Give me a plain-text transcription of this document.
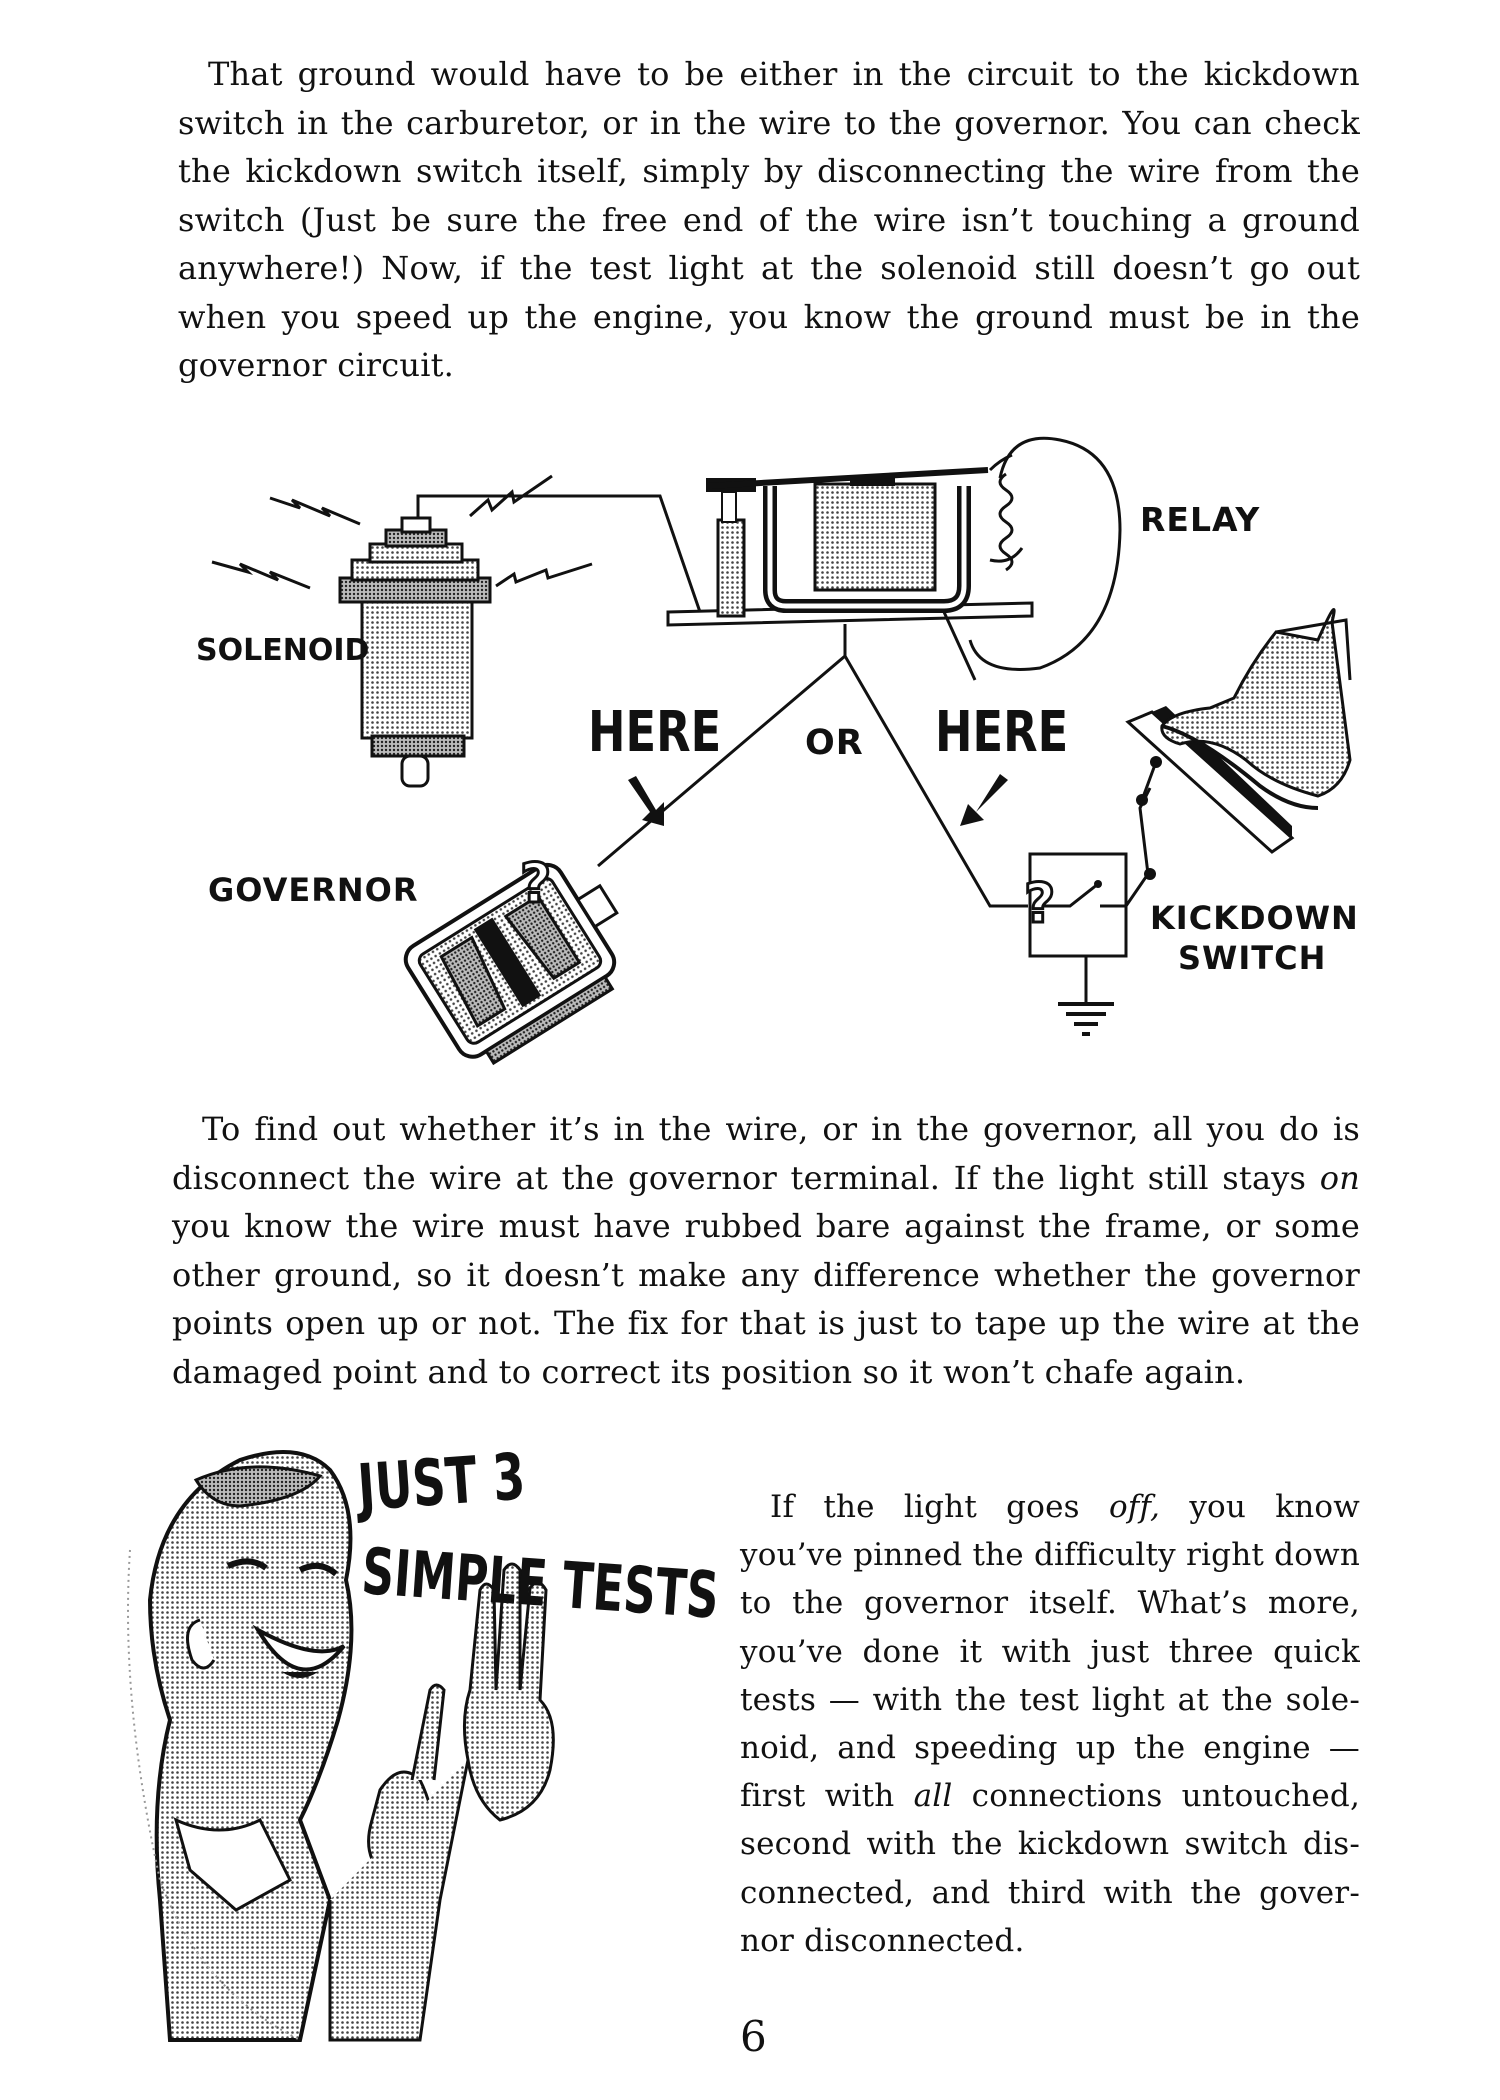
That ground would have to be either in the circuit to the kickdown
switch in the carburetor, or in the wire to the governor. You can check
the kickdown switch itself, simply by disconnecting the wire from the
switch (Just be sure the free end of the wire isn’t touching a ground
anywhere!) Now, if the test light at the solenoid still doesn’t go out
when you speed up the engine, you know the ground must be in the
governor circuit.
?	?
RELAY
SOLENOID
GOVERNOR
HERE OR HERE
KICKDOWN
SWITCH
To find out whether it’s in the wire, or in the governor, all you do is
disconnect the wire at the governor terminal. If the light still stays on
you know the wire must have rubbed bare against the frame, or some
other ground, so it doesn’t make any difference whether the governor
points open up or not. The fix for that is just to tape up the wire at the
damaged point and to correct its position so it won’t chafe again.
JUST 3
SIMPLE TESTS
If the light goes off, you know
you’ve pinned the difficulty right down
to the governor itself. What’s more,
you’ve done it with just three quick
tests — with the test light at the sole-
noid, and speeding up the engine —
first with all connections untouched,
second with the kickdown switch dis-
connected, and third with the gover-
nor disconnected.
6
